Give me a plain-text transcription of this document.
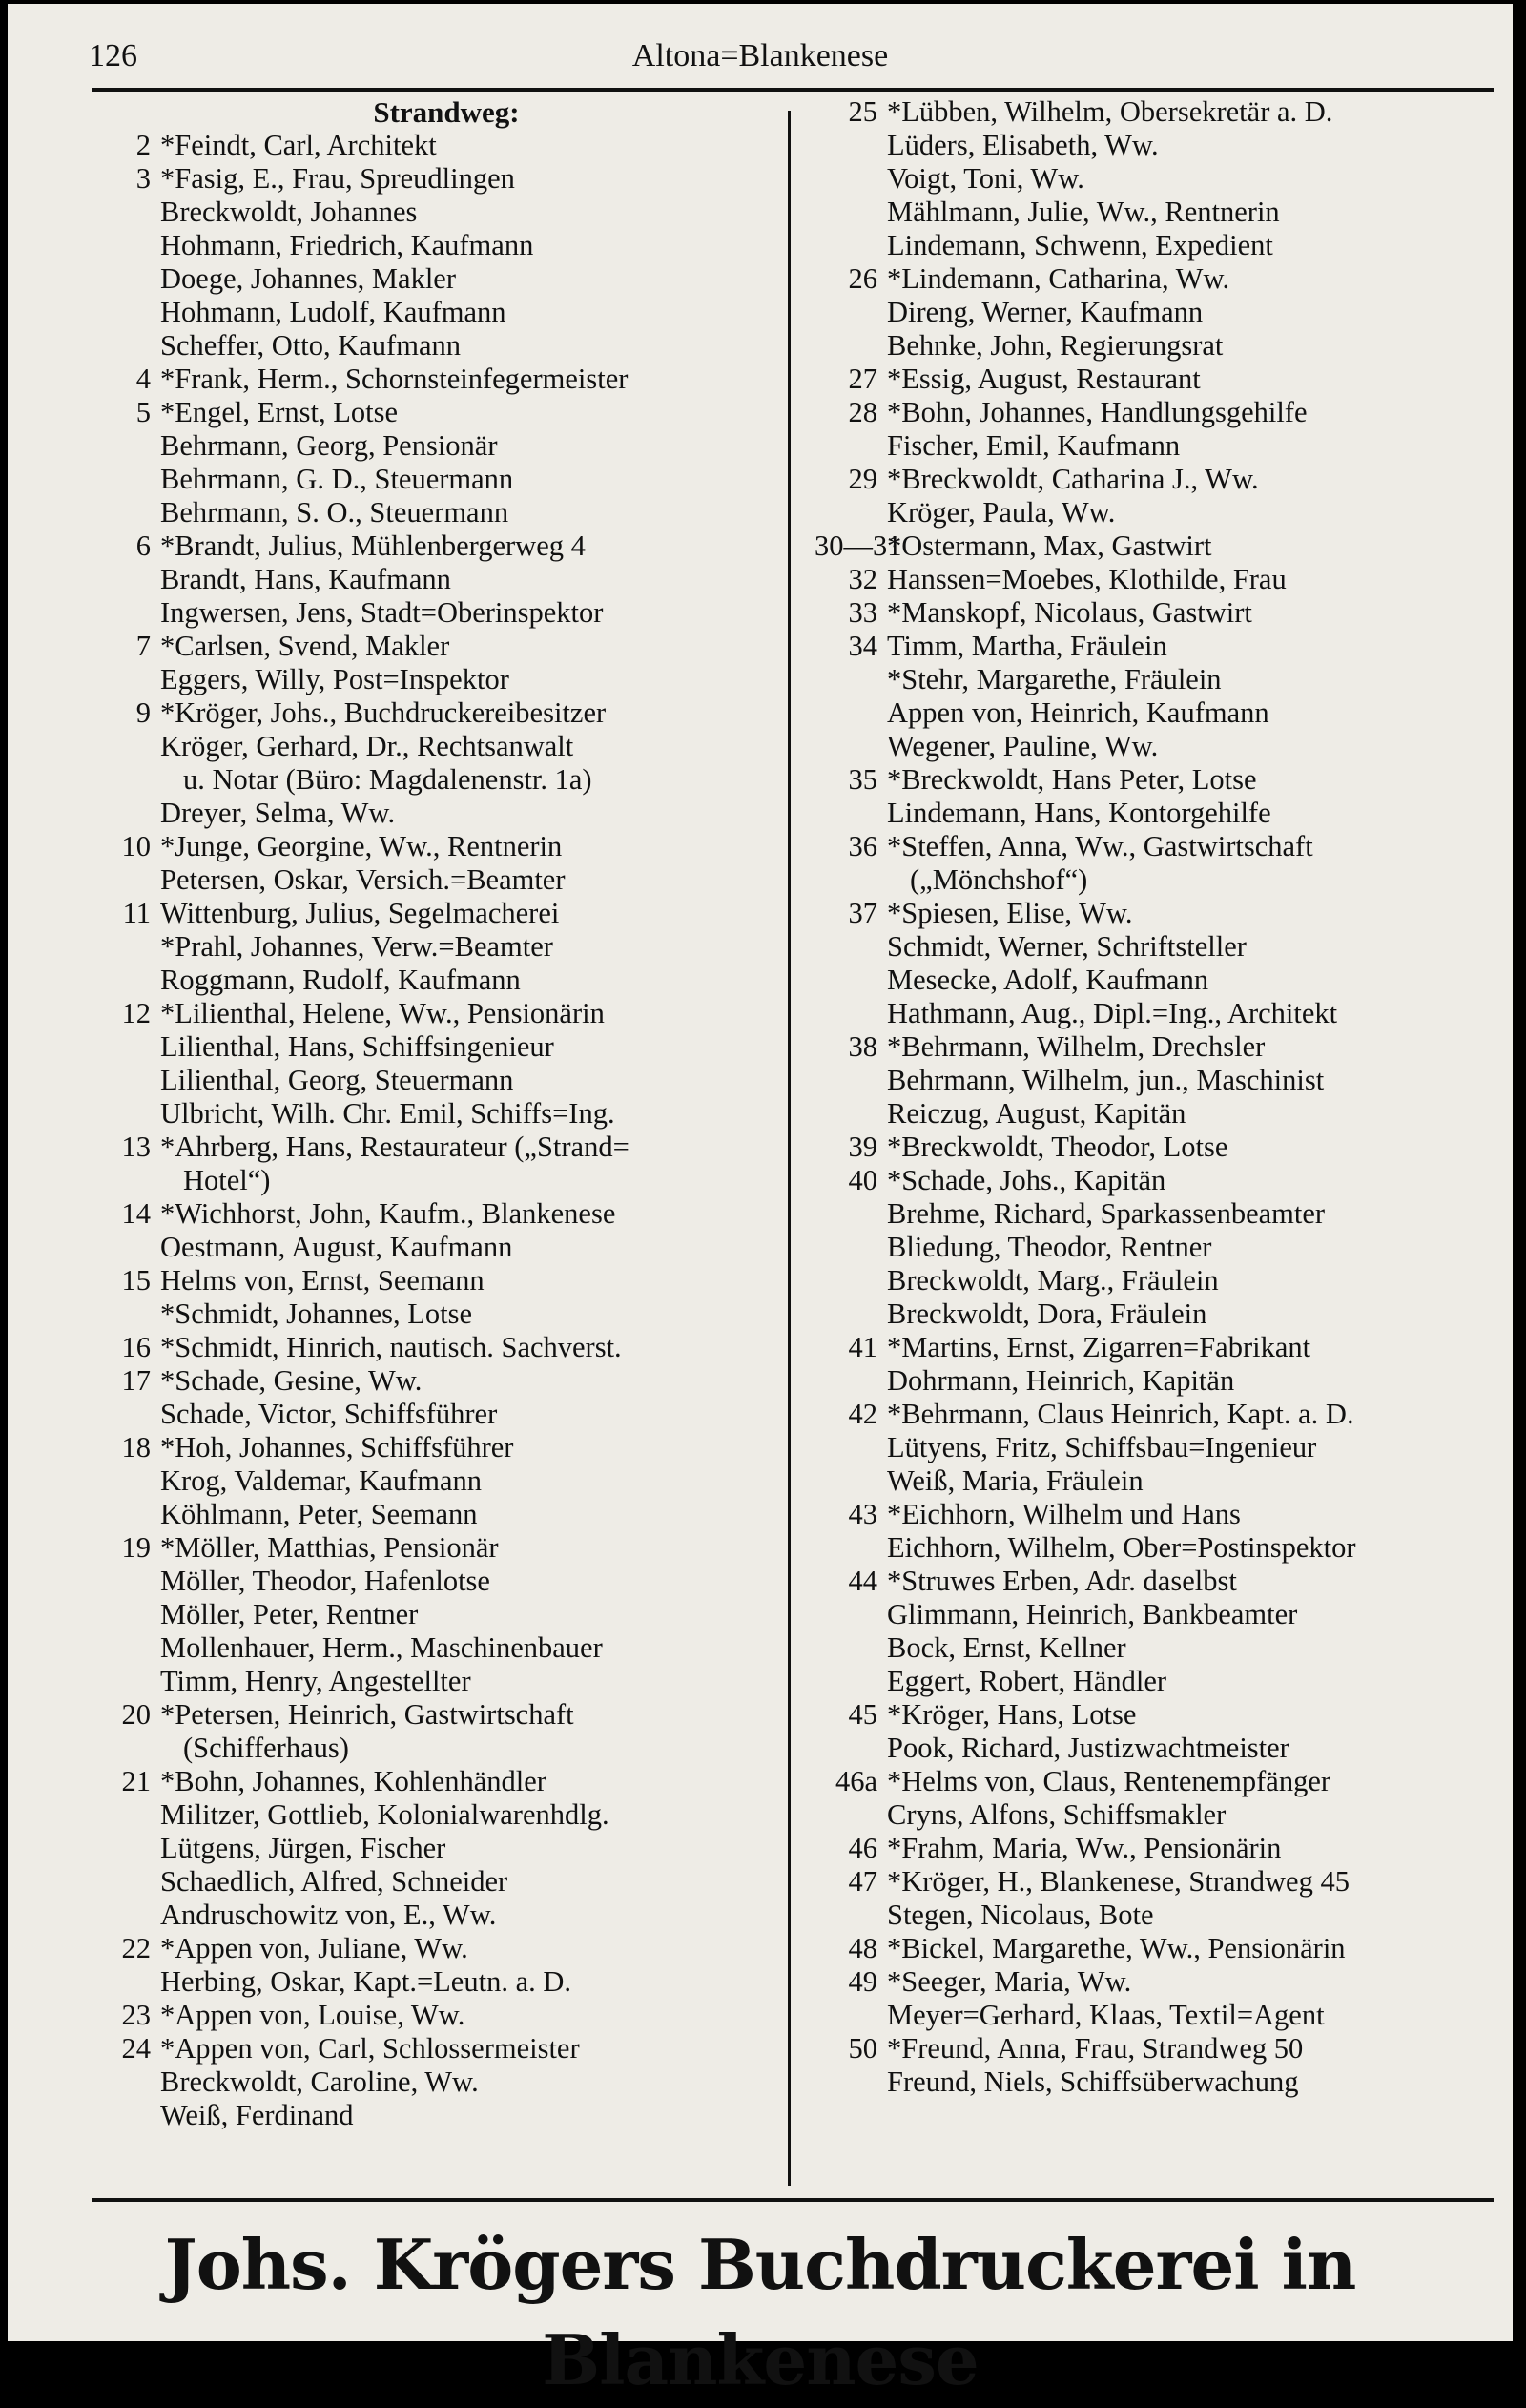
126	Altona=Blankenese
Strandweg:
2 *Feindt, Carl, Architekt
3 *Fasig, E., Frau, Spreudlingen
Breckwoldt, Johannes
Hohmann, Friedrich, Kaufmann
Doege, Johannes, Makler
Hohmann, Ludolf, Kaufmann
Scheffer, Otto, Kaufmann
4 *Frank, Herm., Schornsteinfegermeister
5 *Engel, Ernst, Lotse
Behrmann, Georg, Pensionär
Behrmann, G. D., Steuermann
Behrmann, S. O., Steuermann
6 *Brandt, Julius, Mühlenbergerweg 4
Brandt, Hans, Kaufmann
Ingwersen, Jens, Stadt=Oberinspektor
7 *Carlsen, Svend, Makler
Eggers, Willy, Post=Inspektor
9 *Kröger, Johs., Buchdruckereibesitzer
Kröger, Gerhard, Dr., Rechtsanwalt
u. Notar (Büro: Magdalenenstr. 1a)
Dreyer, Selma, Ww.
10 *Junge, Georgine, Ww., Rentnerin
Petersen, Oskar, Versich.=Beamter
11 Wittenburg, Julius, Segelmacherei
*Prahl, Johannes, Verw.=Beamter
Roggmann, Rudolf, Kaufmann
12 *Lilienthal, Helene, Ww., Pensionärin
Lilienthal, Hans, Schiffsingenieur
Lilienthal, Georg, Steuermann
Ulbricht, Wilh. Chr. Emil, Schiffs=Ing.
13 *Ahrberg, Hans, Restaurateur („Strand=
Hotel“)
14 *Wichhorst, John, Kaufm., Blankenese
Oestmann, August, Kaufmann
15 Helms von, Ernst, Seemann
*Schmidt, Johannes, Lotse
16 *Schmidt, Hinrich, nautisch. Sachverst.
17 *Schade, Gesine, Ww.
Schade, Victor, Schiffsführer
18 *Hoh, Johannes, Schiffsführer
Krog, Valdemar, Kaufmann
Köhlmann, Peter, Seemann
19 *Möller, Matthias, Pensionär
Möller, Theodor, Hafenlotse
Möller, Peter, Rentner
Mollenhauer, Herm., Maschinenbauer
Timm, Henry, Angestellter
20 *Petersen, Heinrich, Gastwirtschaft
(Schifferhaus)
21 *Bohn, Johannes, Kohlenhändler
Militzer, Gottlieb, Kolonialwarenhdlg.
Lütgens, Jürgen, Fischer
Schaedlich, Alfred, Schneider
Andruschowitz von, E., Ww.
22 *Appen von, Juliane, Ww.
Herbing, Oskar, Kapt.=Leutn. a. D.
23 *Appen von, Louise, Ww.
24 *Appen von, Carl, Schlossermeister
Breckwoldt, Caroline, Ww.
Weiß, Ferdinand
25 *Lübben, Wilhelm, Obersekretär a. D.
Lüders, Elisabeth, Ww.
Voigt, Toni, Ww.
Mählmann, Julie, Ww., Rentnerin
Lindemann, Schwenn, Expedient
26 *Lindemann, Catharina, Ww.
Direng, Werner, Kaufmann
Behnke, John, Regierungsrat
27 *Essig, August, Restaurant
28 *Bohn, Johannes, Handlungsgehilfe
Fischer, Emil, Kaufmann
29 *Breckwoldt, Catharina J., Ww.
Kröger, Paula, Ww.
30—31
*Ostermann, Max, Gastwirt
32 Hanssen=Moebes, Klothilde, Frau
33 *Manskopf, Nicolaus, Gastwirt
34 Timm, Martha, Fräulein
*Stehr, Margarethe, Fräulein
Appen von, Heinrich, Kaufmann
Wegener, Pauline, Ww.
35 *Breckwoldt, Hans Peter, Lotse
Lindemann, Hans, Kontorgehilfe
36 *Steffen, Anna, Ww., Gastwirtschaft
(„Mönchshof“)
37 *Spiesen, Elise, Ww.
Schmidt, Werner, Schriftsteller
Mesecke, Adolf, Kaufmann
Hathmann, Aug., Dipl.=Ing., Architekt
38 *Behrmann, Wilhelm, Drechsler
Behrmann, Wilhelm, jun., Maschinist
Reiczug, August, Kapitän
39 *Breckwoldt, Theodor, Lotse
40 *Schade, Johs., Kapitän
Brehme, Richard, Sparkassenbeamter
Bliedung, Theodor, Rentner
Breckwoldt, Marg., Fräulein
Breckwoldt, Dora, Fräulein
41 *Martins, Ernst, Zigarren=Fabrikant
Dohrmann, Heinrich, Kapitän
42 *Behrmann, Claus Heinrich, Kapt. a. D.
Lütyens, Fritz, Schiffsbau=Ingenieur
Weiß, Maria, Fräulein
43 *Eichhorn, Wilhelm und Hans
Eichhorn, Wilhelm, Ober=Postinspektor
44 *Struwes Erben, Adr. daselbst
Glimmann, Heinrich, Bankbeamter
Bock, Ernst, Kellner
Eggert, Robert, Händler
45 *Kröger, Hans, Lotse
Pook, Richard, Justizwachtmeister
46a *Helms von, Claus, Rentenempfänger
Cryns, Alfons, Schiffsmakler
46 *Frahm, Maria, Ww., Pensionärin
47 *Kröger, H., Blankenese, Strandweg 45
Stegen, Nicolaus, Bote
48 *Bickel, Margarethe, Ww., Pensionärin
49 *Seeger, Maria, Ww.
Meyer=Gerhard, Klaas, Textil=Agent
50 *Freund, Anna, Frau, Strandweg 50
Freund, Niels, Schiffsüberwachung
Johs. Krögers Buchdruckerei in Blankenese
